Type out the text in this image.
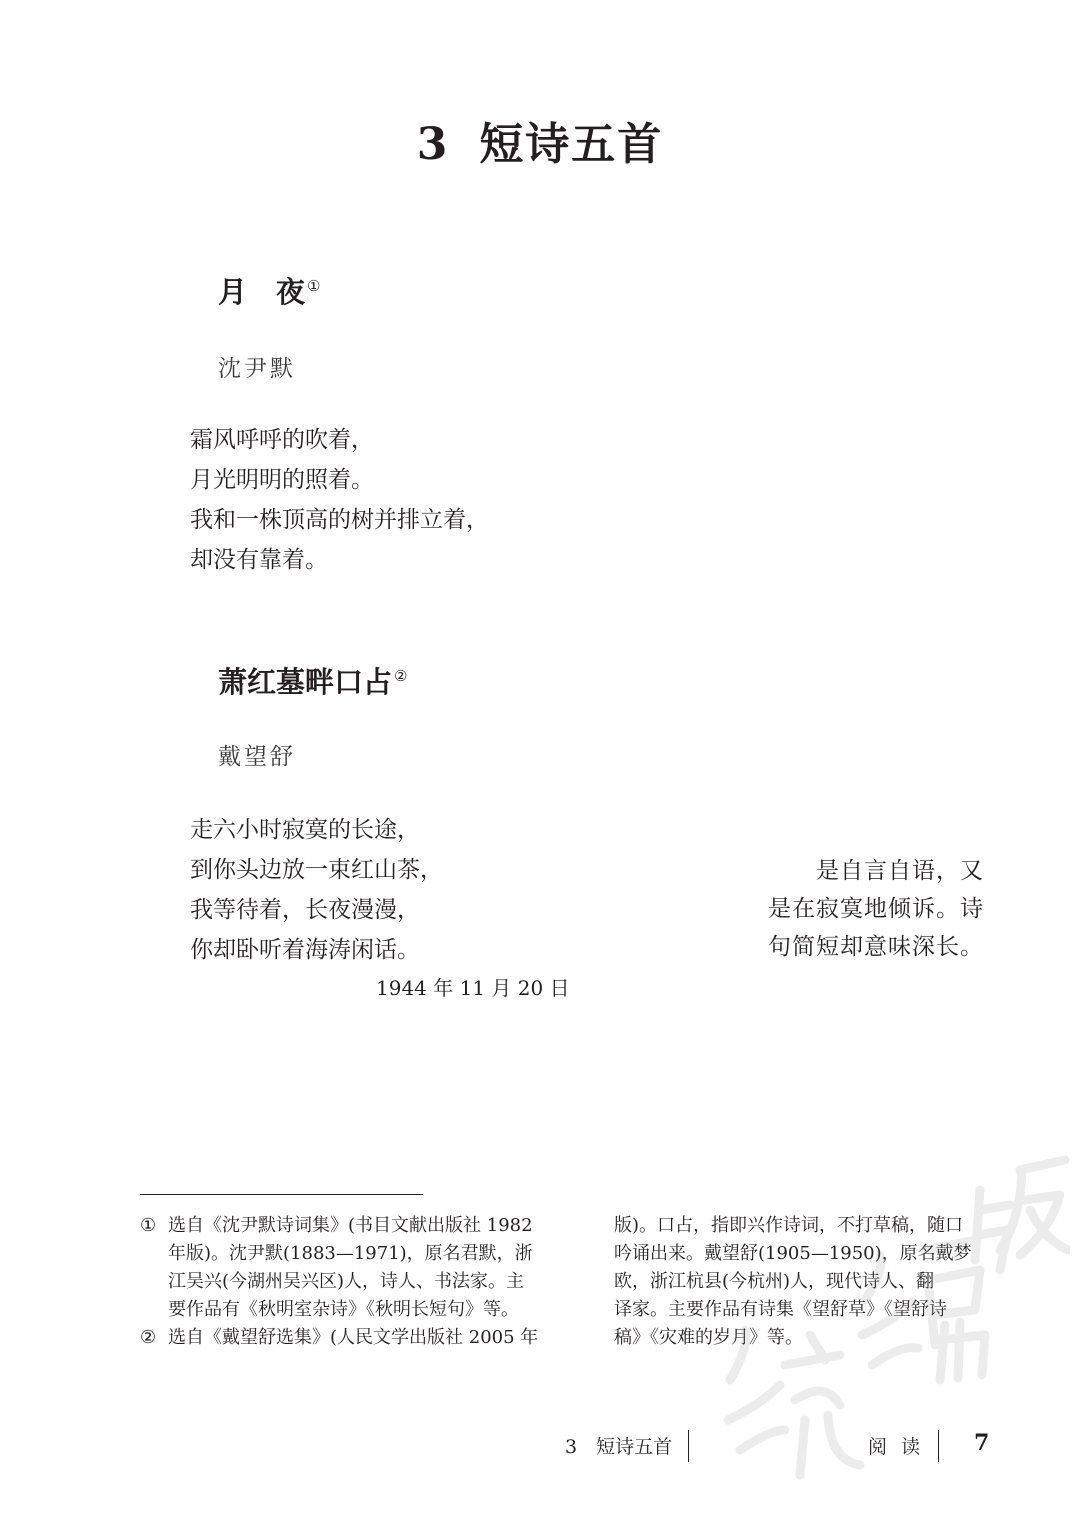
3 短诗五首
月　夜 ①
沈尹默
霜风呼呼的吹着，
月光明明的照着。
我和一株顶高的树并排立着，
却没有靠着。
萧红墓畔口占 ②
戴望舒
走六小时寂寞的长途，
到你头边放一束红山茶，
我等待着，长夜漫漫，
你却卧听着海涛闲话。
1944 年 11 月 20 日
是自言自语，又
是在寂寞地倾诉。诗
句简短却意味深长。
① 选自《沈尹默诗词集》(书目文献出版社 1982
年版)。沈尹默(1883—1971)，原名君默，浙
江吴兴(今湖州吴兴区)人，诗人、书法家。主
要作品有《秋明室杂诗》《秋明长短句》等。
② 选自《戴望舒选集》(人民文学出版社 2005 年
版)。口占，指即兴作诗词，不打草稿，随口
吟诵出来。戴望舒(1905—1950)，原名戴梦
欧，浙江杭县(今杭州)人，现代诗人、翻
译家。主要作品有诗集《望舒草》《望舒诗
稿》《灾难的岁月》等。
3　短诗五首	阅 读 7
